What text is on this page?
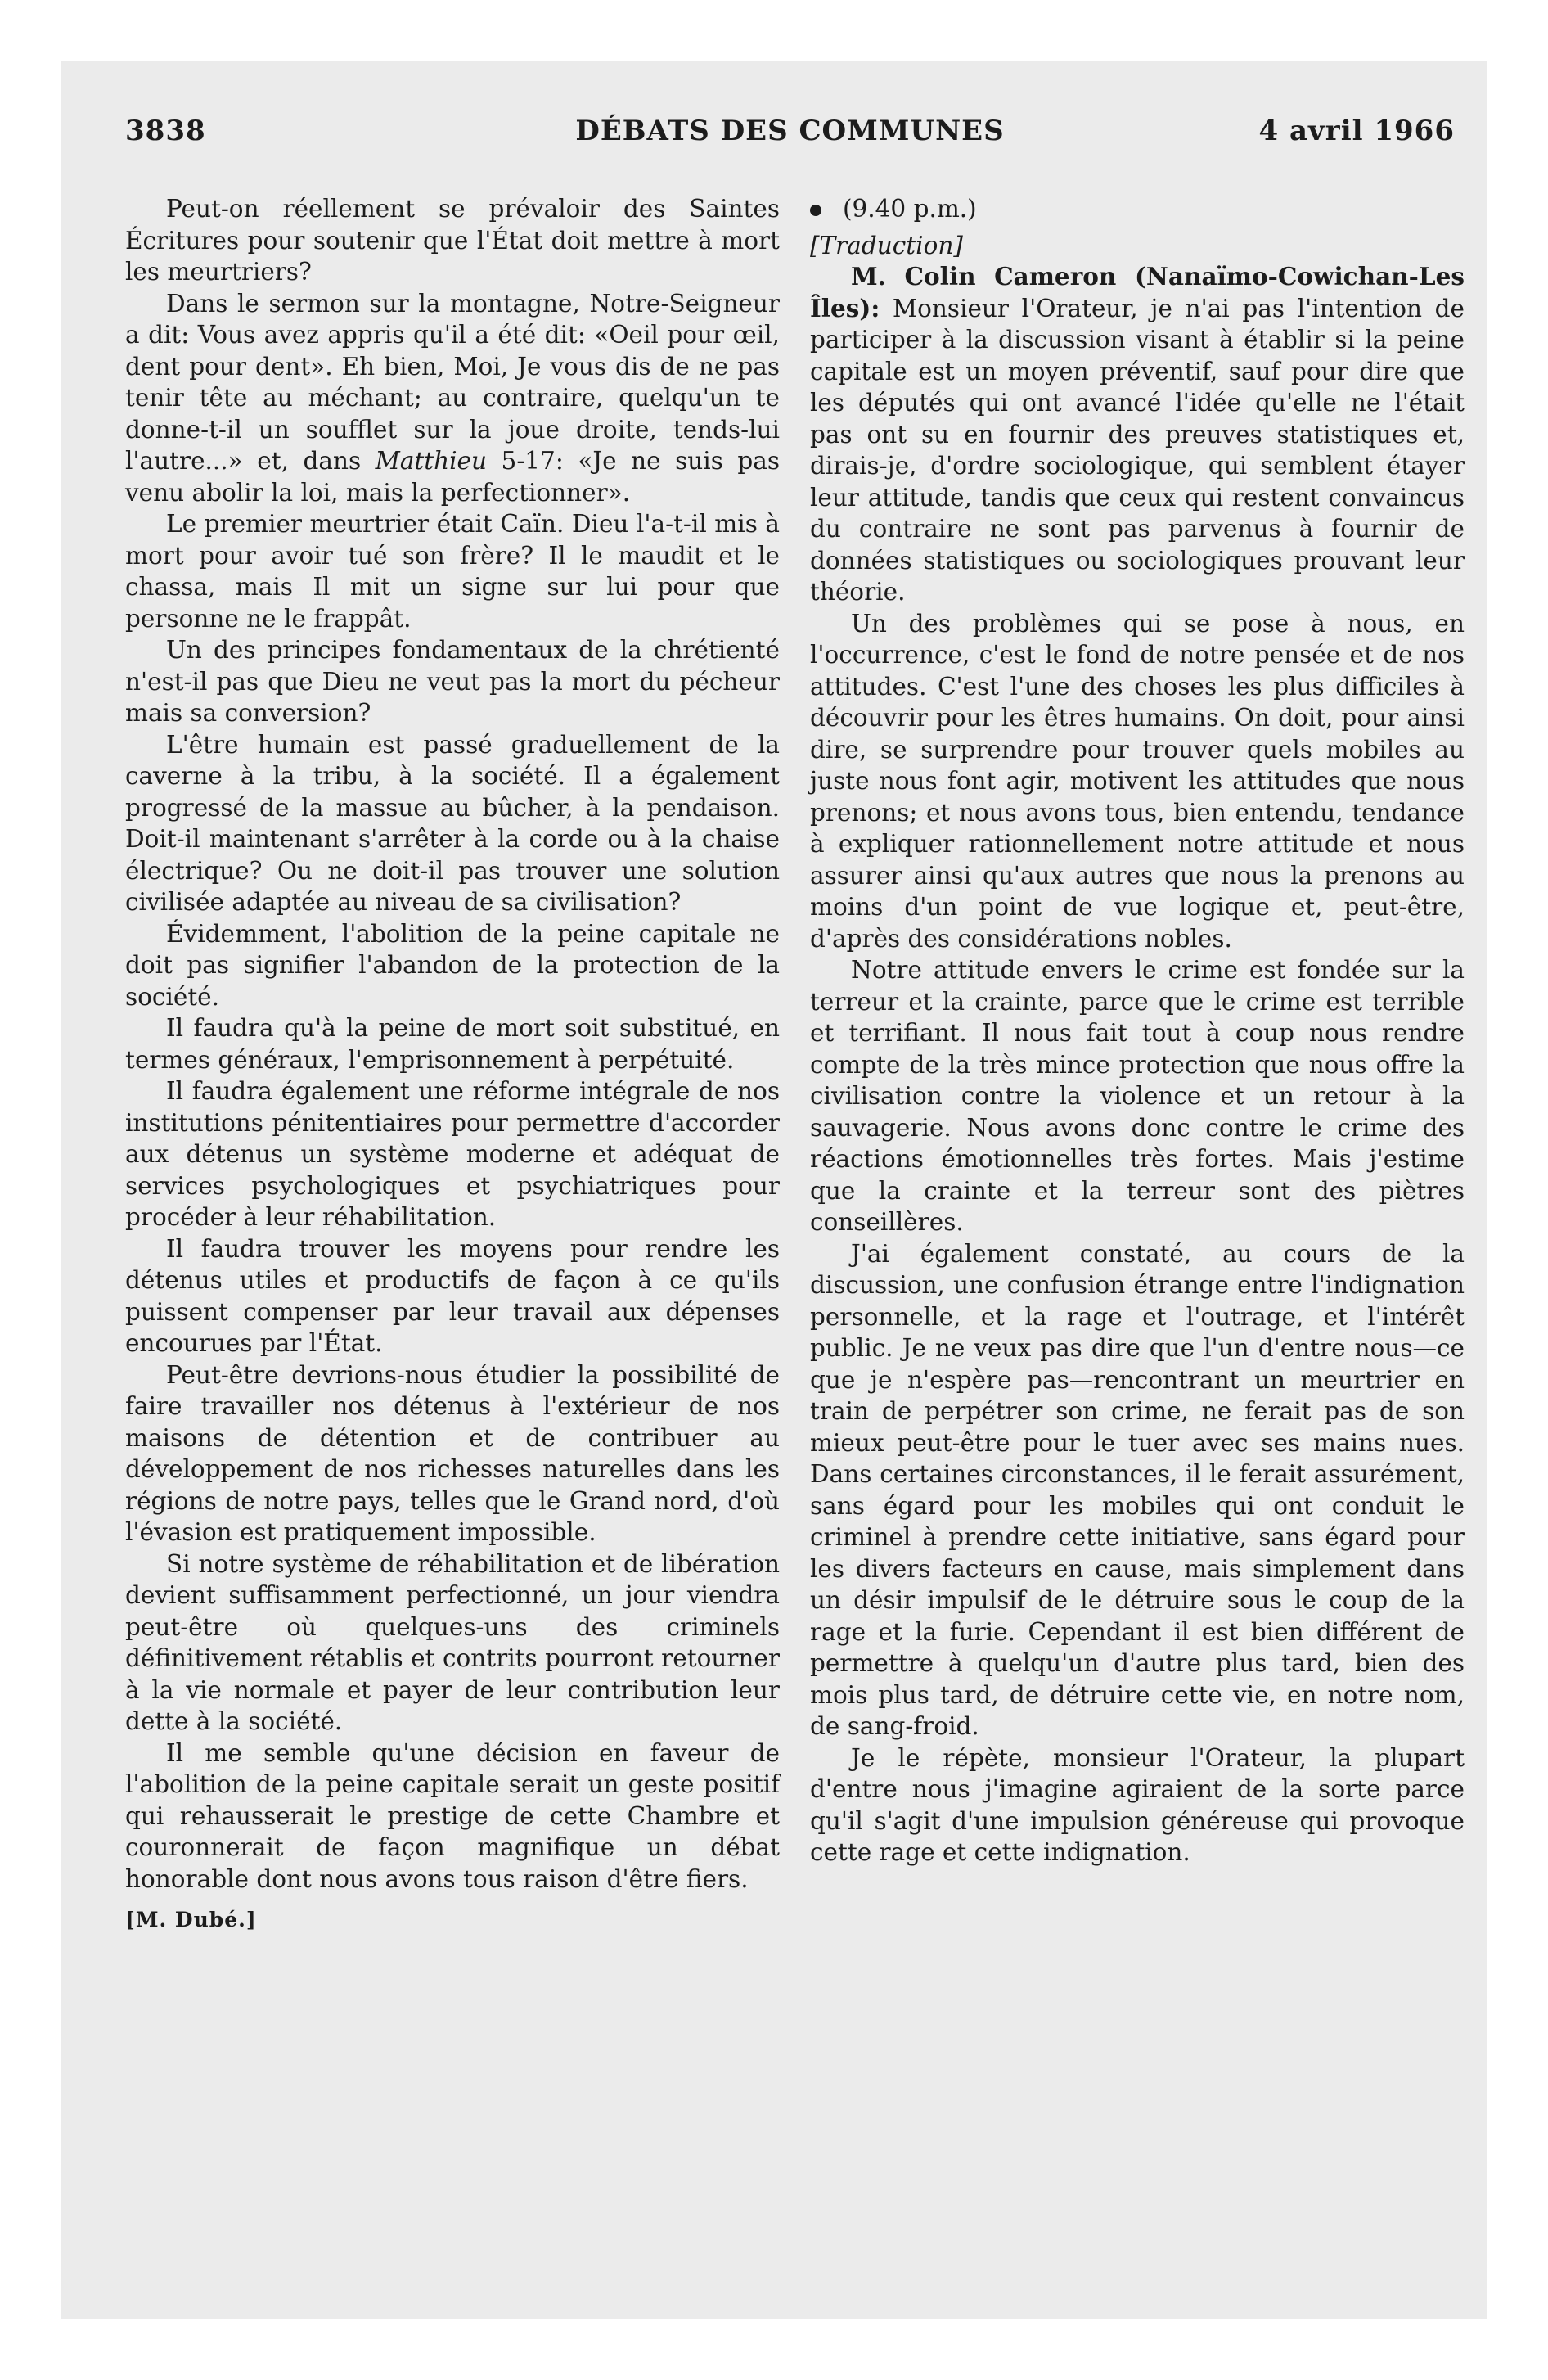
3838	DÉBATS DES COMMUNES	4 avril 1966

Peut-on réellement se prévaloir des Saintes Écritures pour soutenir que l'État doit mettre à mort les meurtriers?

Dans le sermon sur la montagne, Notre-Seigneur a dit: Vous avez appris qu'il a été dit: «Oeil pour œil, dent pour dent». Eh bien, Moi, Je vous dis de ne pas tenir tête au méchant; au contraire, quelqu'un te donne-t-il un soufflet sur la joue droite, tends-lui l'autre...» et, dans Matthieu 5-17: «Je ne suis pas venu abolir la loi, mais la perfectionner».

Le premier meurtrier était Caïn. Dieu l'a-t-il mis à mort pour avoir tué son frère? Il le maudit et le chassa, mais Il mit un signe sur lui pour que personne ne le frappât.

Un des principes fondamentaux de la chrétienté n'est-il pas que Dieu ne veut pas la mort du pécheur mais sa conversion?

L'être humain est passé graduellement de la caverne à la tribu, à la société. Il a également progressé de la massue au bûcher, à la pendaison. Doit-il maintenant s'arrêter à la corde ou à la chaise électrique? Ou ne doit-il pas trouver une solution civilisée adaptée au niveau de sa civilisation?

Évidemment, l'abolition de la peine capitale ne doit pas signifier l'abandon de la protection de la société.

Il faudra qu'à la peine de mort soit substitué, en termes généraux, l'emprisonnement à perpétuité.

Il faudra également une réforme intégrale de nos institutions pénitentiaires pour permettre d'accorder aux détenus un système moderne et adéquat de services psychologiques et psychiatriques pour procéder à leur réhabilitation.

Il faudra trouver les moyens pour rendre les détenus utiles et productifs de façon à ce qu'ils puissent compenser par leur travail aux dépenses encourues par l'État.

Peut-être devrions-nous étudier la possibilité de faire travailler nos détenus à l'extérieur de nos maisons de détention et de contribuer au développement de nos richesses naturelles dans les régions de notre pays, telles que le Grand nord, d'où l'évasion est pratiquement impossible.

Si notre système de réhabilitation et de libération devient suffisamment perfectionné, un jour viendra peut-être où quelques-uns des criminels définitivement rétablis et contrits pourront retourner à la vie normale et payer de leur contribution leur dette à la société.

Il me semble qu'une décision en faveur de l'abolition de la peine capitale serait un geste positif qui rehausserait le prestige de cette Chambre et couronnerait de façon magnifique un débat honorable dont nous avons tous raison d'être fiers.

[M. Dubé.]

(9.40 p.m.)

[Traduction]

M. Colin Cameron (Nanaïmo-Cowichan-Les Îles): Monsieur l'Orateur, je n'ai pas l'intention de participer à la discussion visant à établir si la peine capitale est un moyen préventif, sauf pour dire que les députés qui ont avancé l'idée qu'elle ne l'était pas ont su en fournir des preuves statistiques et, dirais-je, d'ordre sociologique, qui semblent étayer leur attitude, tandis que ceux qui restent convaincus du contraire ne sont pas parvenus à fournir de données statistiques ou sociologiques prouvant leur théorie.

Un des problèmes qui se pose à nous, en l'occurrence, c'est le fond de notre pensée et de nos attitudes. C'est l'une des choses les plus difficiles à découvrir pour les êtres humains. On doit, pour ainsi dire, se surprendre pour trouver quels mobiles au juste nous font agir, motivent les attitudes que nous prenons; et nous avons tous, bien entendu, tendance à expliquer rationnellement notre attitude et nous assurer ainsi qu'aux autres que nous la prenons au moins d'un point de vue logique et, peut-être, d'après des considérations nobles.

Notre attitude envers le crime est fondée sur la terreur et la crainte, parce que le crime est terrible et terrifiant. Il nous fait tout à coup nous rendre compte de la très mince protection que nous offre la civilisation contre la violence et un retour à la sauvagerie. Nous avons donc contre le crime des réactions émotionnelles très fortes. Mais j'estime que la crainte et la terreur sont des piètres conseillères.

J'ai également constaté, au cours de la discussion, une confusion étrange entre l'indignation personnelle, et la rage et l'outrage, et l'intérêt public. Je ne veux pas dire que l'un d'entre nous—ce que je n'espère pas—rencontrant un meurtrier en train de perpétrer son crime, ne ferait pas de son mieux peut-être pour le tuer avec ses mains nues. Dans certaines circonstances, il le ferait assurément, sans égard pour les mobiles qui ont conduit le criminel à prendre cette initiative, sans égard pour les divers facteurs en cause, mais simplement dans un désir impulsif de le détruire sous le coup de la rage et la furie. Cependant il est bien différent de permettre à quelqu'un d'autre plus tard, bien des mois plus tard, de détruire cette vie, en notre nom, de sang-froid.

Je le répète, monsieur l'Orateur, la plupart d'entre nous j'imagine agiraient de la sorte parce qu'il s'agit d'une impulsion généreuse qui provoque cette rage et cette indignation.
